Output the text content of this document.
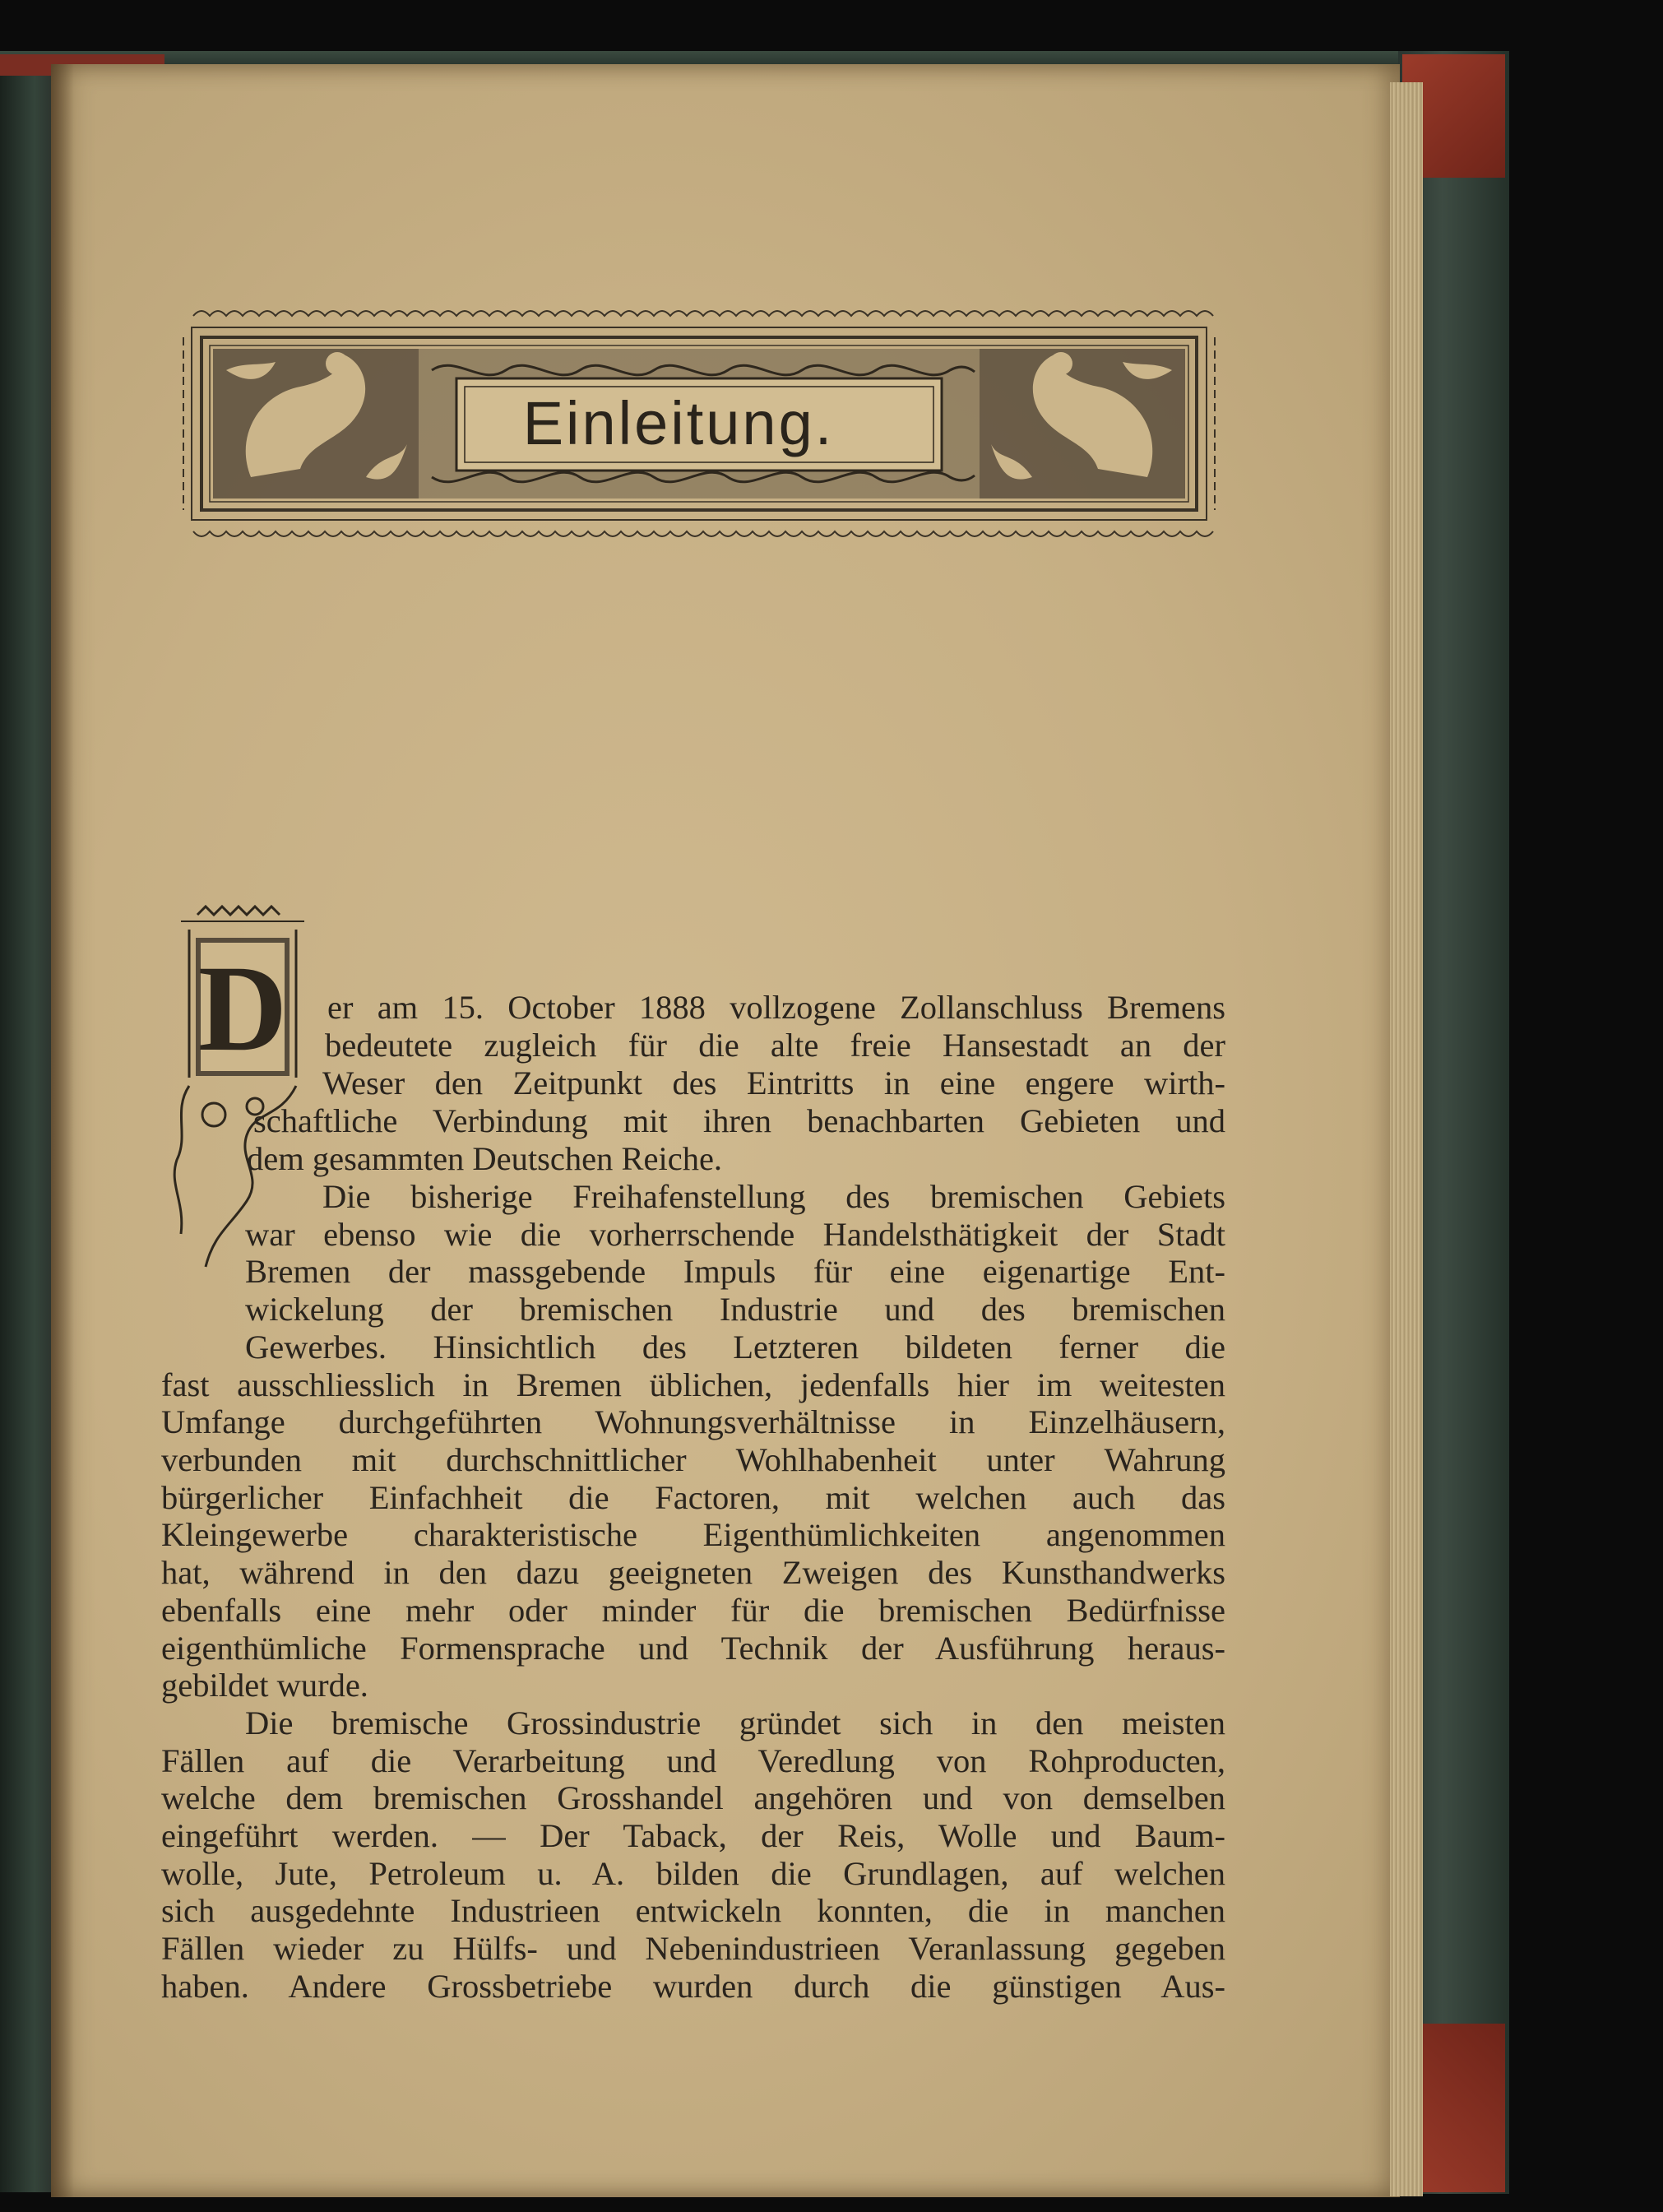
Einleitung.
D er am 15. October 1888 vollzogene Zollanschluss Bremens
bedeutete zugleich für die alte freie Hansestadt an der
Weser den Zeitpunkt des Eintritts in eine engere wirth-
schaftliche Verbindung mit ihren benachbarten Gebieten und
dem gesammten Deutschen Reiche.
Die bisherige Freihafenstellung des bremischen Gebiets
war ebenso wie die vorherrschende Handelsthätigkeit der Stadt
Bremen der massgebende Impuls für eine eigenartige Ent-
wickelung der bremischen Industrie und des bremischen
Gewerbes. Hinsichtlich des Letzteren bildeten ferner die
fast ausschliesslich in Bremen üblichen, jedenfalls hier im weitesten
Umfange durchgeführten Wohnungsverhältnisse in Einzelhäusern,
verbunden mit durchschnittlicher Wohlhabenheit unter Wahrung
bürgerlicher Einfachheit die Factoren, mit welchen auch das
Kleingewerbe charakteristische Eigenthümlichkeiten angenommen
hat, während in den dazu geeigneten Zweigen des Kunsthandwerks
ebenfalls eine mehr oder minder für die bremischen Bedürfnisse
eigenthümliche Formensprache und Technik der Ausführung heraus-
gebildet wurde.
Die bremische Grossindustrie gründet sich in den meisten
Fällen auf die Verarbeitung und Veredlung von Rohproducten,
welche dem bremischen Grosshandel angehören und von demselben
eingeführt werden. — Der Taback, der Reis, Wolle und Baum-
wolle, Jute, Petroleum u. A. bilden die Grundlagen, auf welchen
sich ausgedehnte Industrieen entwickeln konnten, die in manchen
Fällen wieder zu Hülfs- und Nebenindustrieen Veranlassung gegeben
haben. Andere Grossbetriebe wurden durch die günstigen Aus-
